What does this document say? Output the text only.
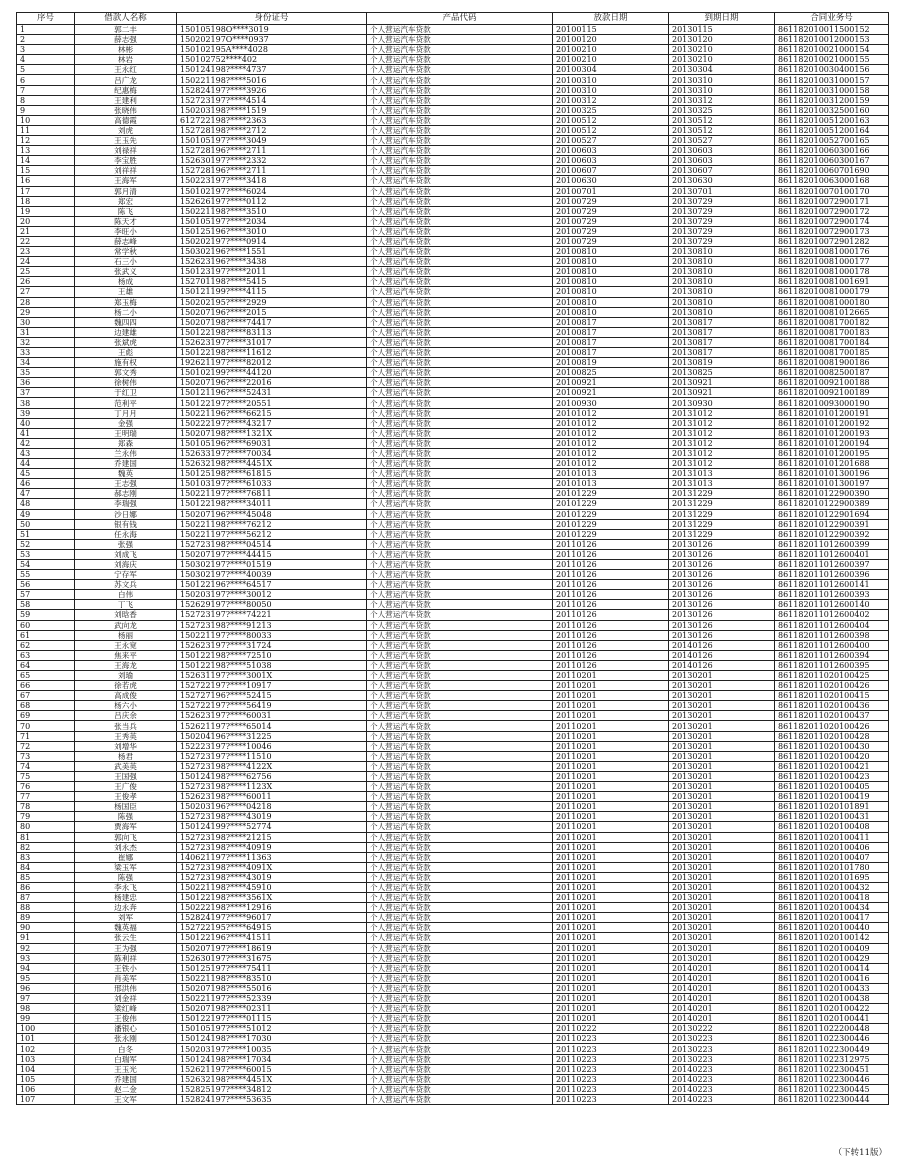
序号	借款人名称	身份证号	产品代码	放款日期	到期日期	合同业务号
1	郭二丰	150105198O****3019	个人营运汽车贷款	20100115	20130115	861182010011500152
2	薛志强	150202197O****0937	个人营运汽车贷款	20100120	20130120	861182010012000153
3	林彬	150102195A****4028	个人营运汽车贷款	20100210	20130210	861182010021000154
4	林岩	150102752****402	个人营运汽车贷款	20100210	20130210	861182010021000155
5	王永红	150124198?****4737	个人营运汽车贷款	20100304	20130304	861182010030400156
6	吕广龙	150221198?****5016	个人营运汽车贷款	20100310	20130310	861182010031000157
7	纪惠梅	152824197?****3926	个人营运汽车贷款	20100310	20130310	861182010031000158
8	王建利	152723197?****4514	个人营运汽车贷款	20100312	20130312	861182010031200159
9	张晓伟	150203198?****1519	个人营运汽车贷款	20100325	20130325	861182010032500160
10	高德霞	612722198?****2363	个人营运汽车贷款	20100512	20130512	861182010051200163
11	刘虎	152728198?****2712	个人营运汽车贷款	20100512	20130512	861182010051200164
12	王玉先	150105197?****3049	个人营运汽车贷款	20100527	20130527	861182010052700165
13	刘禄祥	152728196?****2711	个人营运汽车贷款	20100603	20130603	861182010060300166
14	李宝胜	152630197?****2332	个人营运汽车贷款	20100603	20130603	861182010060300167
15	刘祥祥	152728196?****2711	个人营运汽车贷款	20100607	20130607	861182010060701690
16	王海军	150223197?****3418	个人营运汽车贷款	20100630	20130630	861182010063000168
17	郭月清	150102197?****6024	个人营运汽车贷款	20100701	20130701	861182010070100170
18	郑宏	152626197?****0112	个人营运汽车贷款	20100729	20130729	861182010072900171
19	陈飞	150221198?****3510	个人营运汽车贷款	20100729	20130729	861182010072900172
20	陈天才	150105197?****2034	个人营运汽车贷款	20100729	20130729	861182010072900174
21	李旺小	150125196?****3010	个人营运汽车贷款	20100729	20130729	861182010072900173
22	薛志峰	150202197?****0914	个人营运汽车贷款	20100729	20130729	861182010072901282
23	常学秋	150302196?****1551	个人营运汽车贷款	20100810	20130810	861182010081000176
24	石三小	152623196?****3438	个人营运汽车贷款	20100810	20130810	861182010081000177
25	张武义	150123197?****2011	个人营运汽车贷款	20100810	20130810	861182010081000178
26	杨成	152701198?****5415	个人营运汽车贷款	20100810	20130810	861182010081001691
27	王雄	150121199?****4115	个人营运汽车贷款	20100810	20130810	861182010081000179
28	郑玉梅	150202195?****2929	个人营运汽车贷款	20100810	20130810	861182010081000180
29	杨二小	150207196?****2015	个人营运汽车贷款	20100810	20130810	861182010081012665
30	魏四四	150207198?****74417	个人营运汽车贷款	20100817	20130817	861182010081700182
31	边建雄	150122198?****83113	个人营运汽车贷款	20100817	20130817	861182010081700183
32	张斌虎	152623197?****31017	个人营运汽车贷款	20100817	20130817	861182010081700184
33	王彪	150122198?****11612	个人营运汽车贷款	20100817	20130817	861182010081700185
34	施有权	192621197?****82012	个人营运汽车贷款	20100819	20130819	861182010081900186
35	郭文秀	150102199?****44120	个人营运汽车贷款	20100825	20130825	861182010082500187
36	徐树伟	150207196?****22016	个人营运汽车贷款	20100921	20130921	861182010092100188
37	于红卫	150121196?****52431	个人营运汽车贷款	20100921	20130921	861182010092100189
38	范利平	150122197?****20551	个人营运汽车贷款	20100930	20130930	861182010093000190
39	丁月月	150221196?****66215	个人营运汽车贷款	20101012	20131012	861182010101200191
40	金强	150222197?****43217	个人营运汽车贷款	20101012	20131012	861182010101200192
41	王明瑞	150207198?****1321X	个人营运汽车贷款	20101012	20131012	861182010101200193
42	郑森	150105196?****69031	个人营运汽车贷款	20101012	20131012	861182010101200194
43	兰永伟	152633197?****70034	个人营运汽车贷款	20101012	20131012	861182010101200195
44	乔建国	152632198?****4451X	个人营运汽车贷款	20101012	20131012	861182010101201688
45	魏英	150125198?****61815	个人营运汽车贷款	20101013	20131013	861182010101300196
46	王志强	150103197?****61033	个人营运汽车贷款	20101013	20131013	861182010101300197
47	郝志刚	150221197?****76811	个人营运汽车贷款	20101229	20131229	861182010122900390
48	李瑞强	150122198?****34011	个人营运汽车贷款	20101229	20131229	861182010122900389
49	沙日娜	150207196?****45048	个人营运汽车贷款	20101229	20131229	861182010122901694
50	银有钱	150221198?****76212	个人营运汽车贷款	20101229	20131229	861182010122900391
51	任永海	150221197?****56212	个人营运汽车贷款	20101229	20131229	861182010122900392
52	张强	152723198?****04514	个人营运汽车贷款	20110126	20130126	861182011012600399
53	刘成飞	150207197?****44415	个人营运汽车贷款	20110126	20130126	861182011012600401
54	刘海庆	150302197?****01519	个人营运汽车贷款	20110126	20130126	861182011012600397
55	宁存军	150302197?****40039	个人营运汽车贷款	20110126	20130126	861182011012600396
56	苏文兵	150122196?****64517	个人营运汽车贷款	20110126	20130126	861182011012600141
57	白伟	150203197?****30012	个人营运汽车贷款	20110126	20130126	861182011012600393
58	丁飞	152629197?****80050	个人营运汽车贷款	20110126	20130126	861182011012600140
59	刘晗香	152723197?****74221	个人营运汽车贷款	20110126	20130126	861182011012600402
60	武向龙	152723198?****91213	个人营运汽车贷款	20110126	20130126	861182011012600404
61	杨丽	150221197?****80033	个人营运汽车贷款	20110126	20130126	861182011012600398
62	王永宽	152623197?****31724	个人营运汽车贷款	20110126	20140126	861182011012600400
63	焦来平	150122198?****72510	个人营运汽车贷款	20110126	20140126	861182011012600394
64	王海龙	150122198?****51038	个人营运汽车贷款	20110126	20140126	861182011012600395
65	刘瑜	152631197?****3001X	个人营运汽车贷款	20110201	20130201	861182011020100425
66	徐若虎	152722197?****10917	个人营运汽车贷款	20110201	20130201	861182011020100426
67	高成俊	152727196?****52415	个人营运汽车贷款	20110201	20130201	861182011020100415
68	杨六小	152722197?****56419	个人营运汽车贷款	20110201	20130201	861182011020100436
69	吕庆余	152623197?****60031	个人营运汽车贷款	20110201	20130201	861182011020100437
70	张当兵	152621197?****65014	个人营运汽车贷款	20110201	20130201	861182011020100426
71	王秀英	150204196?****31225	个人营运汽车贷款	20110201	20130201	861182011020100428
72	刘增华	152223197?****10046	个人营运汽车贷款	20110201	20130201	861182011020100430
73	杨君	152723197?****11510	个人营运汽车贷款	20110201	20130201	861182011020100420
74	武美英	152723198?****4122X	个人营运汽车贷款	20110201	20130201	861182011020100421
75	王国强	150124198?****62756	个人营运汽车贷款	20110201	20130201	861182011020100423
76	王广俊	152723198?****1123X	个人营运汽车贷款	20110201	20130201	861182011020100405
77	王俊孝	152623198?****60011	个人营运汽车贷款	20110201	20130201	861182011020100419
78	杨国臣	150203196?****04218	个人营运汽车贷款	20110201	20130201	861182011020101891
79	陈强	152723198?****43019	个人营运汽车贷款	20110201	20130201	861182011020100431
80	贾海军	150124199?****52774	个人营运汽车贷款	20110201	20130201	861182011020100408
81	郭向飞	152723198?****21215	个人营运汽车贷款	20110201	20130201	861182011020100411
82	刘永杰	152723198?****40919	个人营运汽车贷款	20110201	20130201	861182011020100406
83	崔娜	140621197?****11363	个人营运汽车贷款	20110201	20130201	861182011020100407
84	梁玉军	152723198?****4091X	个人营运汽车贷款	20110201	20130201	861182011020101780
85	陈强	152723198?****43019	个人营运汽车贷款	20110201	20130201	861182011020101695
86	李永飞	150221198?****45910	个人营运汽车贷款	20110201	20130201	861182011020100432
87	杨建忠	150122198?****3561X	个人营运汽车贷款	20110201	20130201	861182011020100418
88	边永奔	150222198?****12916	个人营运汽车贷款	20110201	20130201	861182011020100434
89	刘军	152824197?****96017	个人营运汽车贷款	20110201	20130201	861182011020100417
90	魏英福	152722195?****64915	个人营运汽车贷款	20110201	20130201	861182011020100440
91	张云生	150122196?****41511	个人营运汽车贷款	20110201	20130201	861182011020100142
92	王为强	150207197?****18619	个人营运汽车贷款	20110201	20130201	861182011020100409
93	陈利祥	152630197?****31675	个人营运汽车贷款	20110201	20130201	861182011020100429
94	王铁小	150125197?****75411	个人营运汽车贷款	20110201	20140201	861182011020100414
95	肖美军	150221198?****83510	个人营运汽车贷款	20110201	20140201	861182011020100416
96	邢洪伟	150207198?****55016	个人营运汽车贷款	20110201	20140201	861182011020100433
97	刘金祥	150221197?****52339	个人营运汽车贷款	20110201	20140201	861182011020100438
98	梁红峰	150207198?****02311	个人营运汽车贷款	20110201	20140201	861182011020100422
99	王俊伟	150122197?****01115	个人营运汽车贷款	20110201	20140201	861182011020100441
100	潘银心	150105197?****51012	个人营运汽车贷款	20110222	20130222	861182011022200448
101	张永刚	150124198?****17030	个人营运汽车贷款	20110223	20130223	861182011022300446
102	白冬	150203197?****10035	个人营运汽车贷款	20110223	20130223	861182011022300449
103	白瑞军	150124198?****17034	个人营运汽车贷款	20110223	20130223	861182011022312975
104	王玉光	152621197?****60015	个人营运汽车贷款	20110223	20140223	861182011022300451
105	乔建国	152632198?****4451X	个人营运汽车贷款	20110223	20140223	861182011022300446
106	赵二金	152825197?****34812	个人营运汽车贷款	20110223	20140223	861182011022300445
107	王文军	152824197?****53635	个人营运汽车贷款	20110223	20140223	861182011022300444
（下转11版）
